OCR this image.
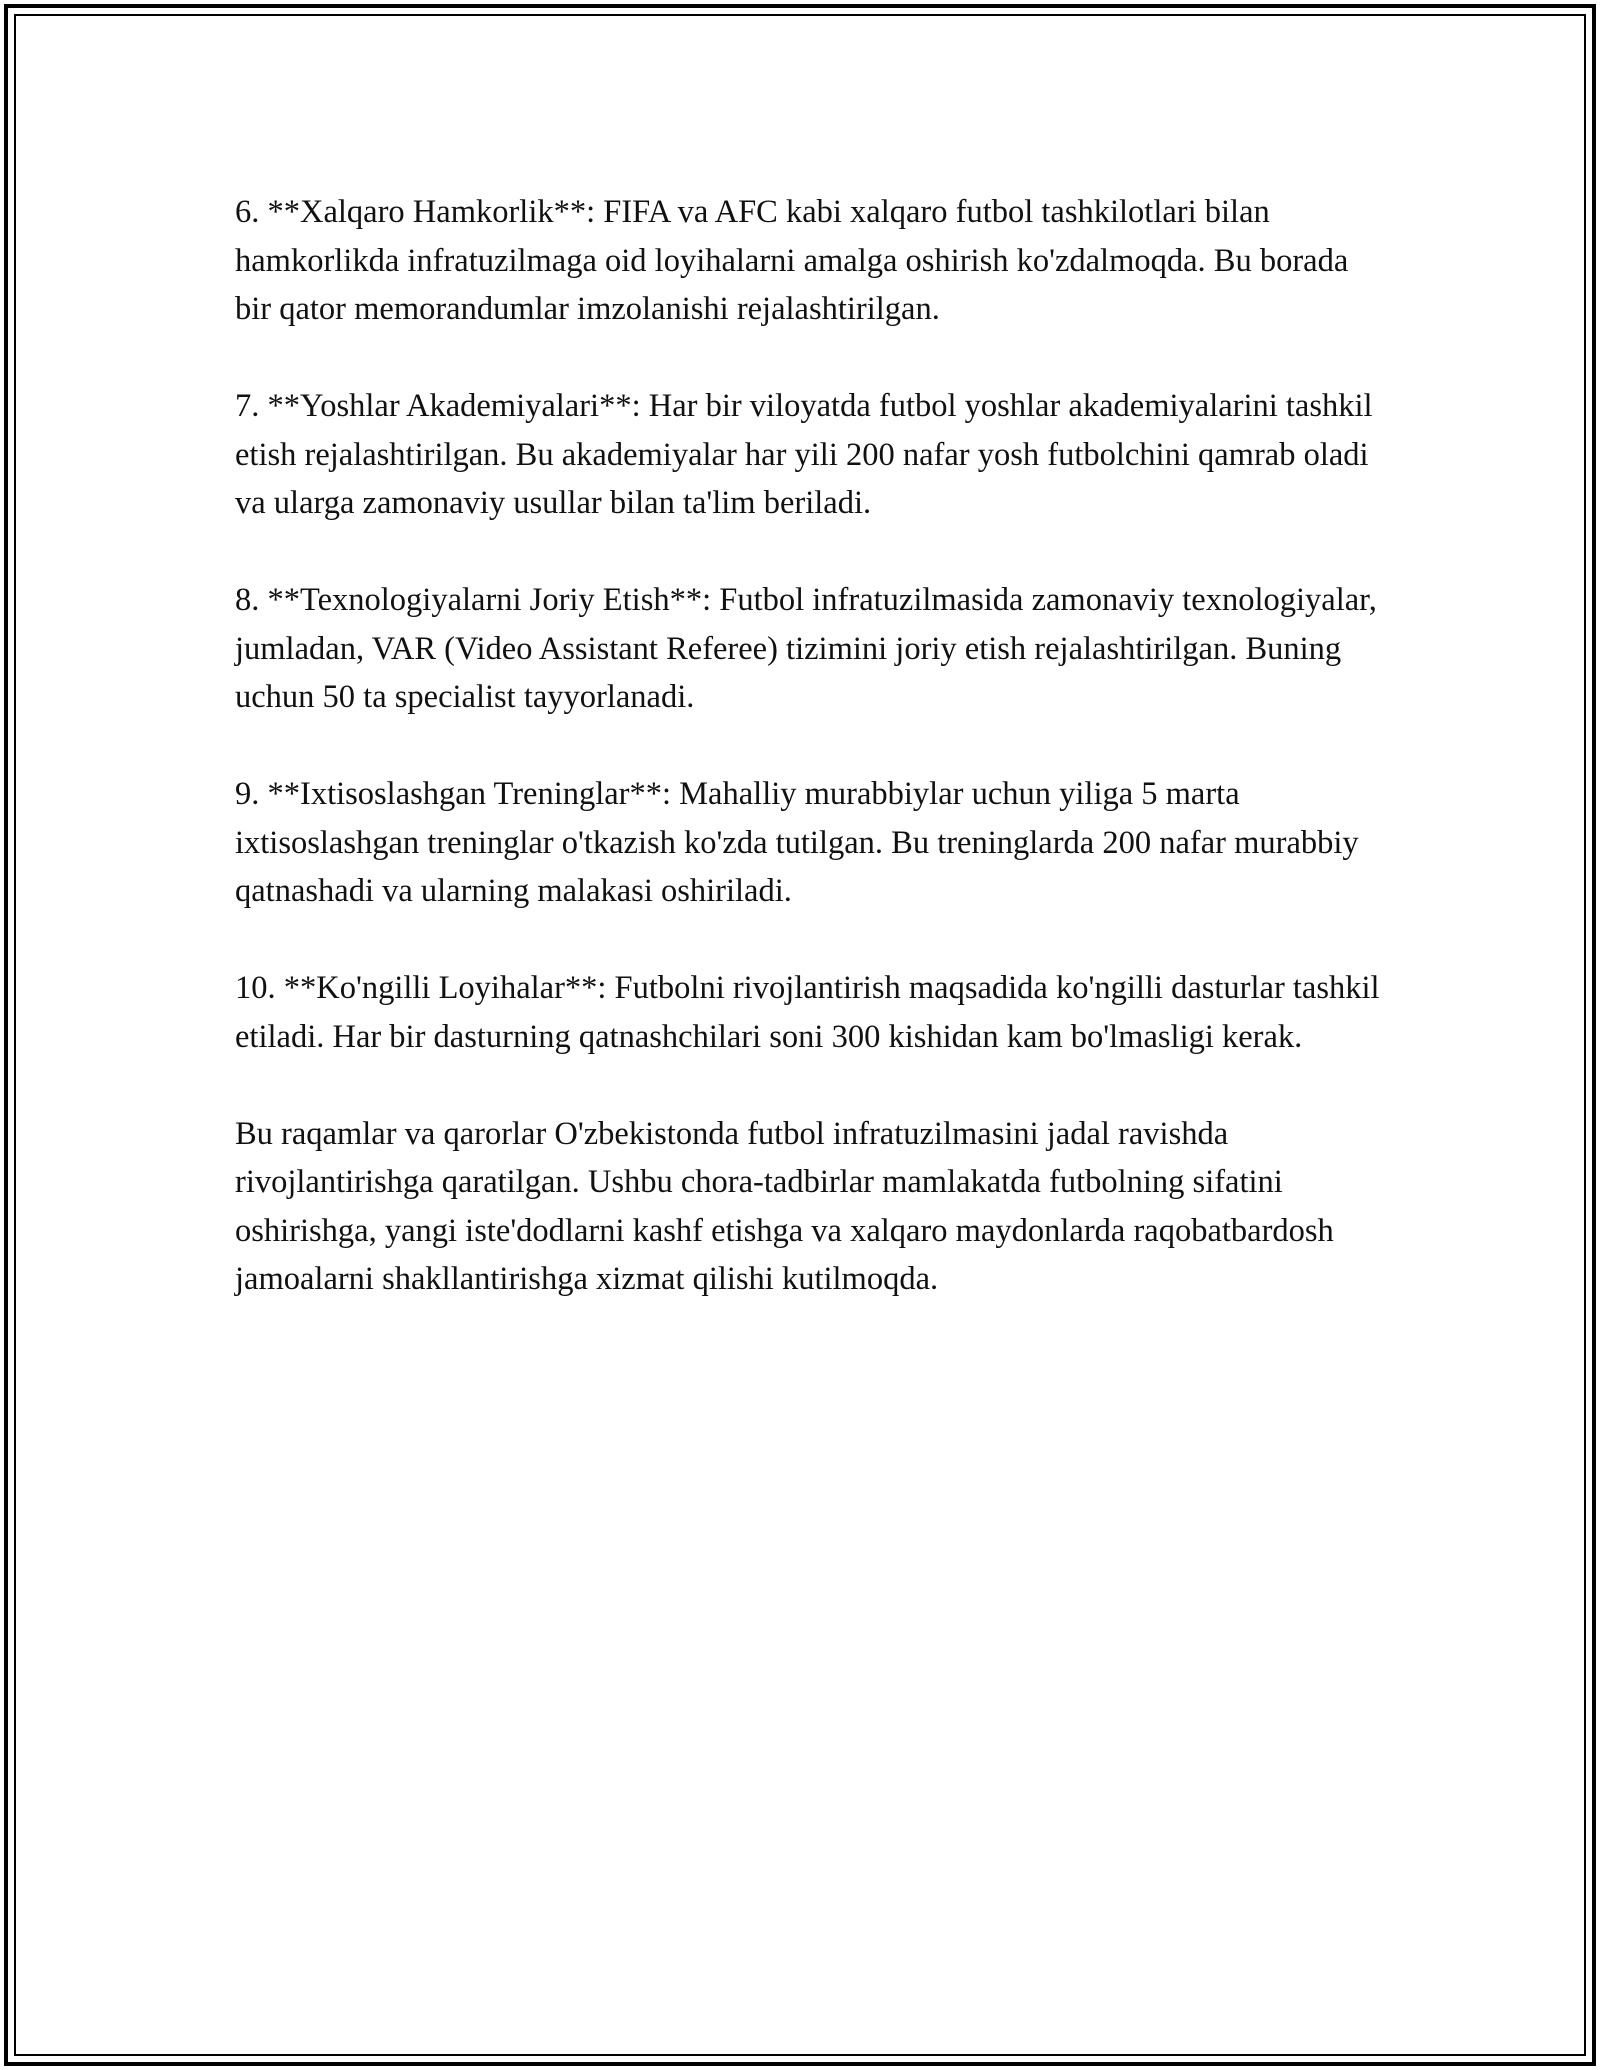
6. **Xalqaro Hamkorlik**: FIFA va AFC kabi xalqaro futbol tashkilotlari bilan hamkorlikda infratuzilmaga oid loyihalarni amalga oshirish ko'zdalmoqda. Bu borada bir qator memorandumlar imzolanishi rejalashtirilgan.

7. **Yoshlar Akademiyalari**: Har bir viloyatda futbol yoshlar akademiyalarini tashkil etish rejalashtirilgan. Bu akademiyalar har yili 200 nafar yosh futbolchini qamrab oladi va ularga zamonaviy usullar bilan ta'lim beriladi.

8. **Texnologiyalarni Joriy Etish**: Futbol infratuzilmasida zamonaviy texnologiyalar, jumladan, VAR (Video Assistant Referee) tizimini joriy etish rejalashtirilgan. Buning uchun 50 ta specialist tayyorlanadi.

9. **Ixtisoslashgan Treninglar**: Mahalliy murabbiylar uchun yiliga 5 marta ixtisoslashgan treninglar o'tkazish ko'zda tutilgan. Bu treninglarda 200 nafar murabbiy qatnashadi va ularning malakasi oshiriladi.

10. **Ko'ngilli Loyihalar**: Futbolni rivojlantirish maqsadida ko'ngilli dasturlar tashkil etiladi. Har bir dasturning qatnashchilari soni 300 kishidan kam bo'lmasligi kerak.

Bu raqamlar va qarorlar O'zbekistonda futbol infratuzilmasini jadal ravishda rivojlantirishga qaratilgan. Ushbu chora-tadbirlar mamlakatda futbolning sifatini oshirishga, yangi iste'dodlarni kashf etishga va xalqaro maydonlarda raqobatbardosh jamoalarni shakllantirishga xizmat qilishi kutilmoqda.
